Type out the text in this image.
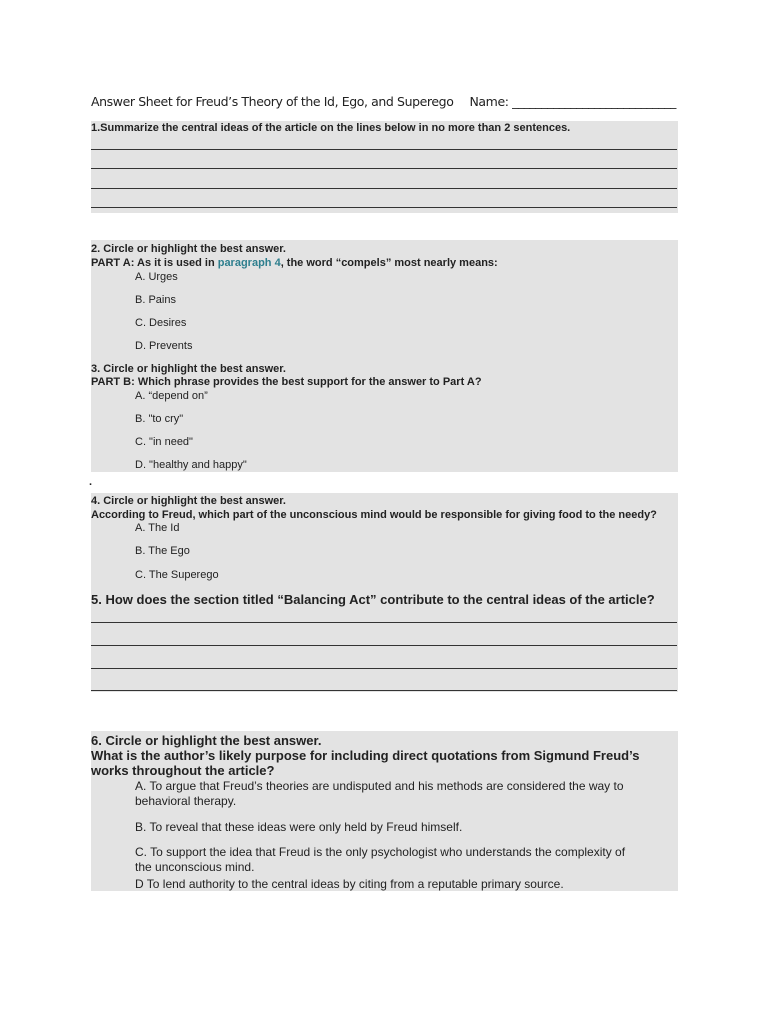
Answer Sheet for Freud’s Theory of the Id, Ego, and Superego Name: ____________________________
1.Summarize the central ideas of the article on the lines below in no more than 2 sentences.
2. Circle or highlight the best answer.
PART A: As it is used in paragraph 4, the word “compels” most nearly means:
A. Urges
B. Pains
C. Desires
D. Prevents
3. Circle or highlight the best answer.
PART B: Which phrase provides the best support for the answer to Part A?
A. “depend on”
B. "to cry"
C. "in need"
D. "healthy and happy"
.
4. Circle or highlight the best answer.
According to Freud, which part of the unconscious mind would be responsible for giving food to the needy?
A. The Id
B. The Ego
C. The Superego
5. How does the section titled “Balancing Act” contribute to the central ideas of the article?
6. Circle or highlight the best answer.
What is the author’s likely purpose for including direct quotations from Sigmund Freud’s
works throughout the article?
A. To argue that Freud’s theories are undisputed and his methods are considered the way to
behavioral therapy.
B. To reveal that these ideas were only held by Freud himself.
C. To support the idea that Freud is the only psychologist who understands the complexity of
the unconscious mind.
D To lend authority to the central ideas by citing from a reputable primary source.
